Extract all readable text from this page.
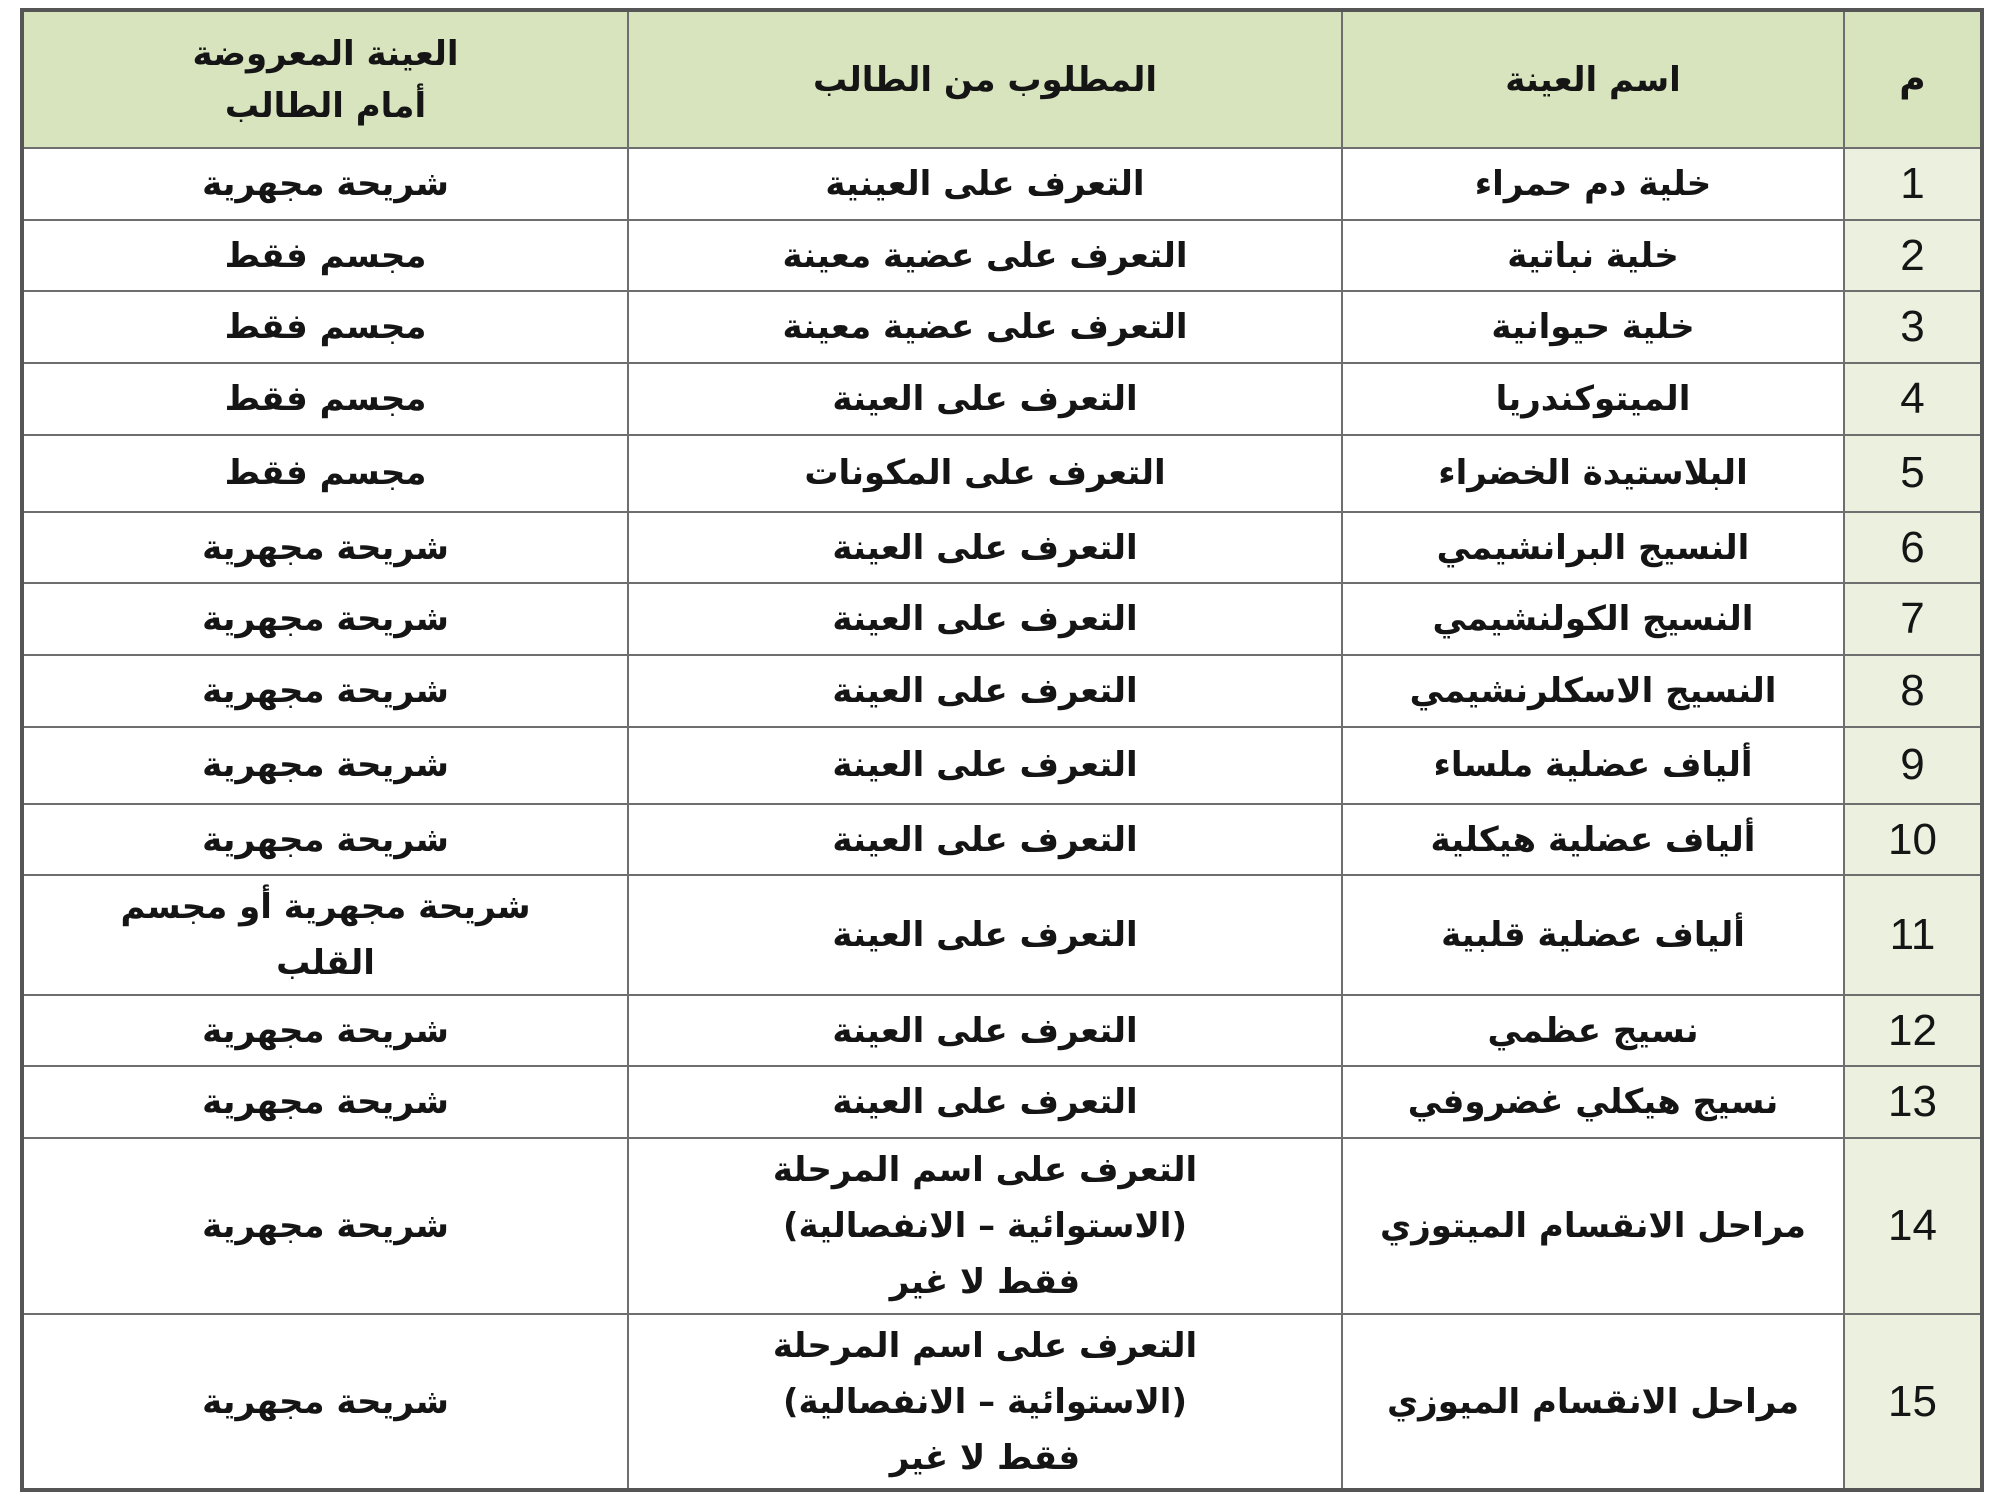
م	اسم العينة	المطلوب من الطالب	العينة المعروضة
أمام الطالب
1	خلية دم حمراء	التعرف على العينية	شريحة مجهرية
2	خلية نباتية	التعرف على عضية معينة	مجسم فقط
3	خلية حيوانية	التعرف على عضية معينة	مجسم فقط
4	الميتوكندريا	التعرف على العينة	مجسم فقط
5	البلاستيدة الخضراء	التعرف على المكونات	مجسم فقط
6	النسيج البرانشيمي	التعرف على العينة	شريحة مجهرية
7	النسيج الكولنشيمي	التعرف على العينة	شريحة مجهرية
8	النسيج الاسكلرنشيمي	التعرف على العينة	شريحة مجهرية
9	ألياف عضلية ملساء	التعرف على العينة	شريحة مجهرية
10	ألياف عضلية هيكلية	التعرف على العينة	شريحة مجهرية
11	ألياف عضلية قلبية	التعرف على العينة	شريحة مجهرية أو مجسم
القلب
12	نسيج عظمي	التعرف على العينة	شريحة مجهرية
13	نسيج هيكلي غضروفي	التعرف على العينة	شريحة مجهرية
14	مراحل الانقسام الميتوزي	التعرف على اسم المرحلة
(الاستوائية – الانفصالية)
فقط لا غير	شريحة مجهرية
15	مراحل الانقسام الميوزي	التعرف على اسم المرحلة
(الاستوائية – الانفصالية)
فقط لا غير	شريحة مجهرية
